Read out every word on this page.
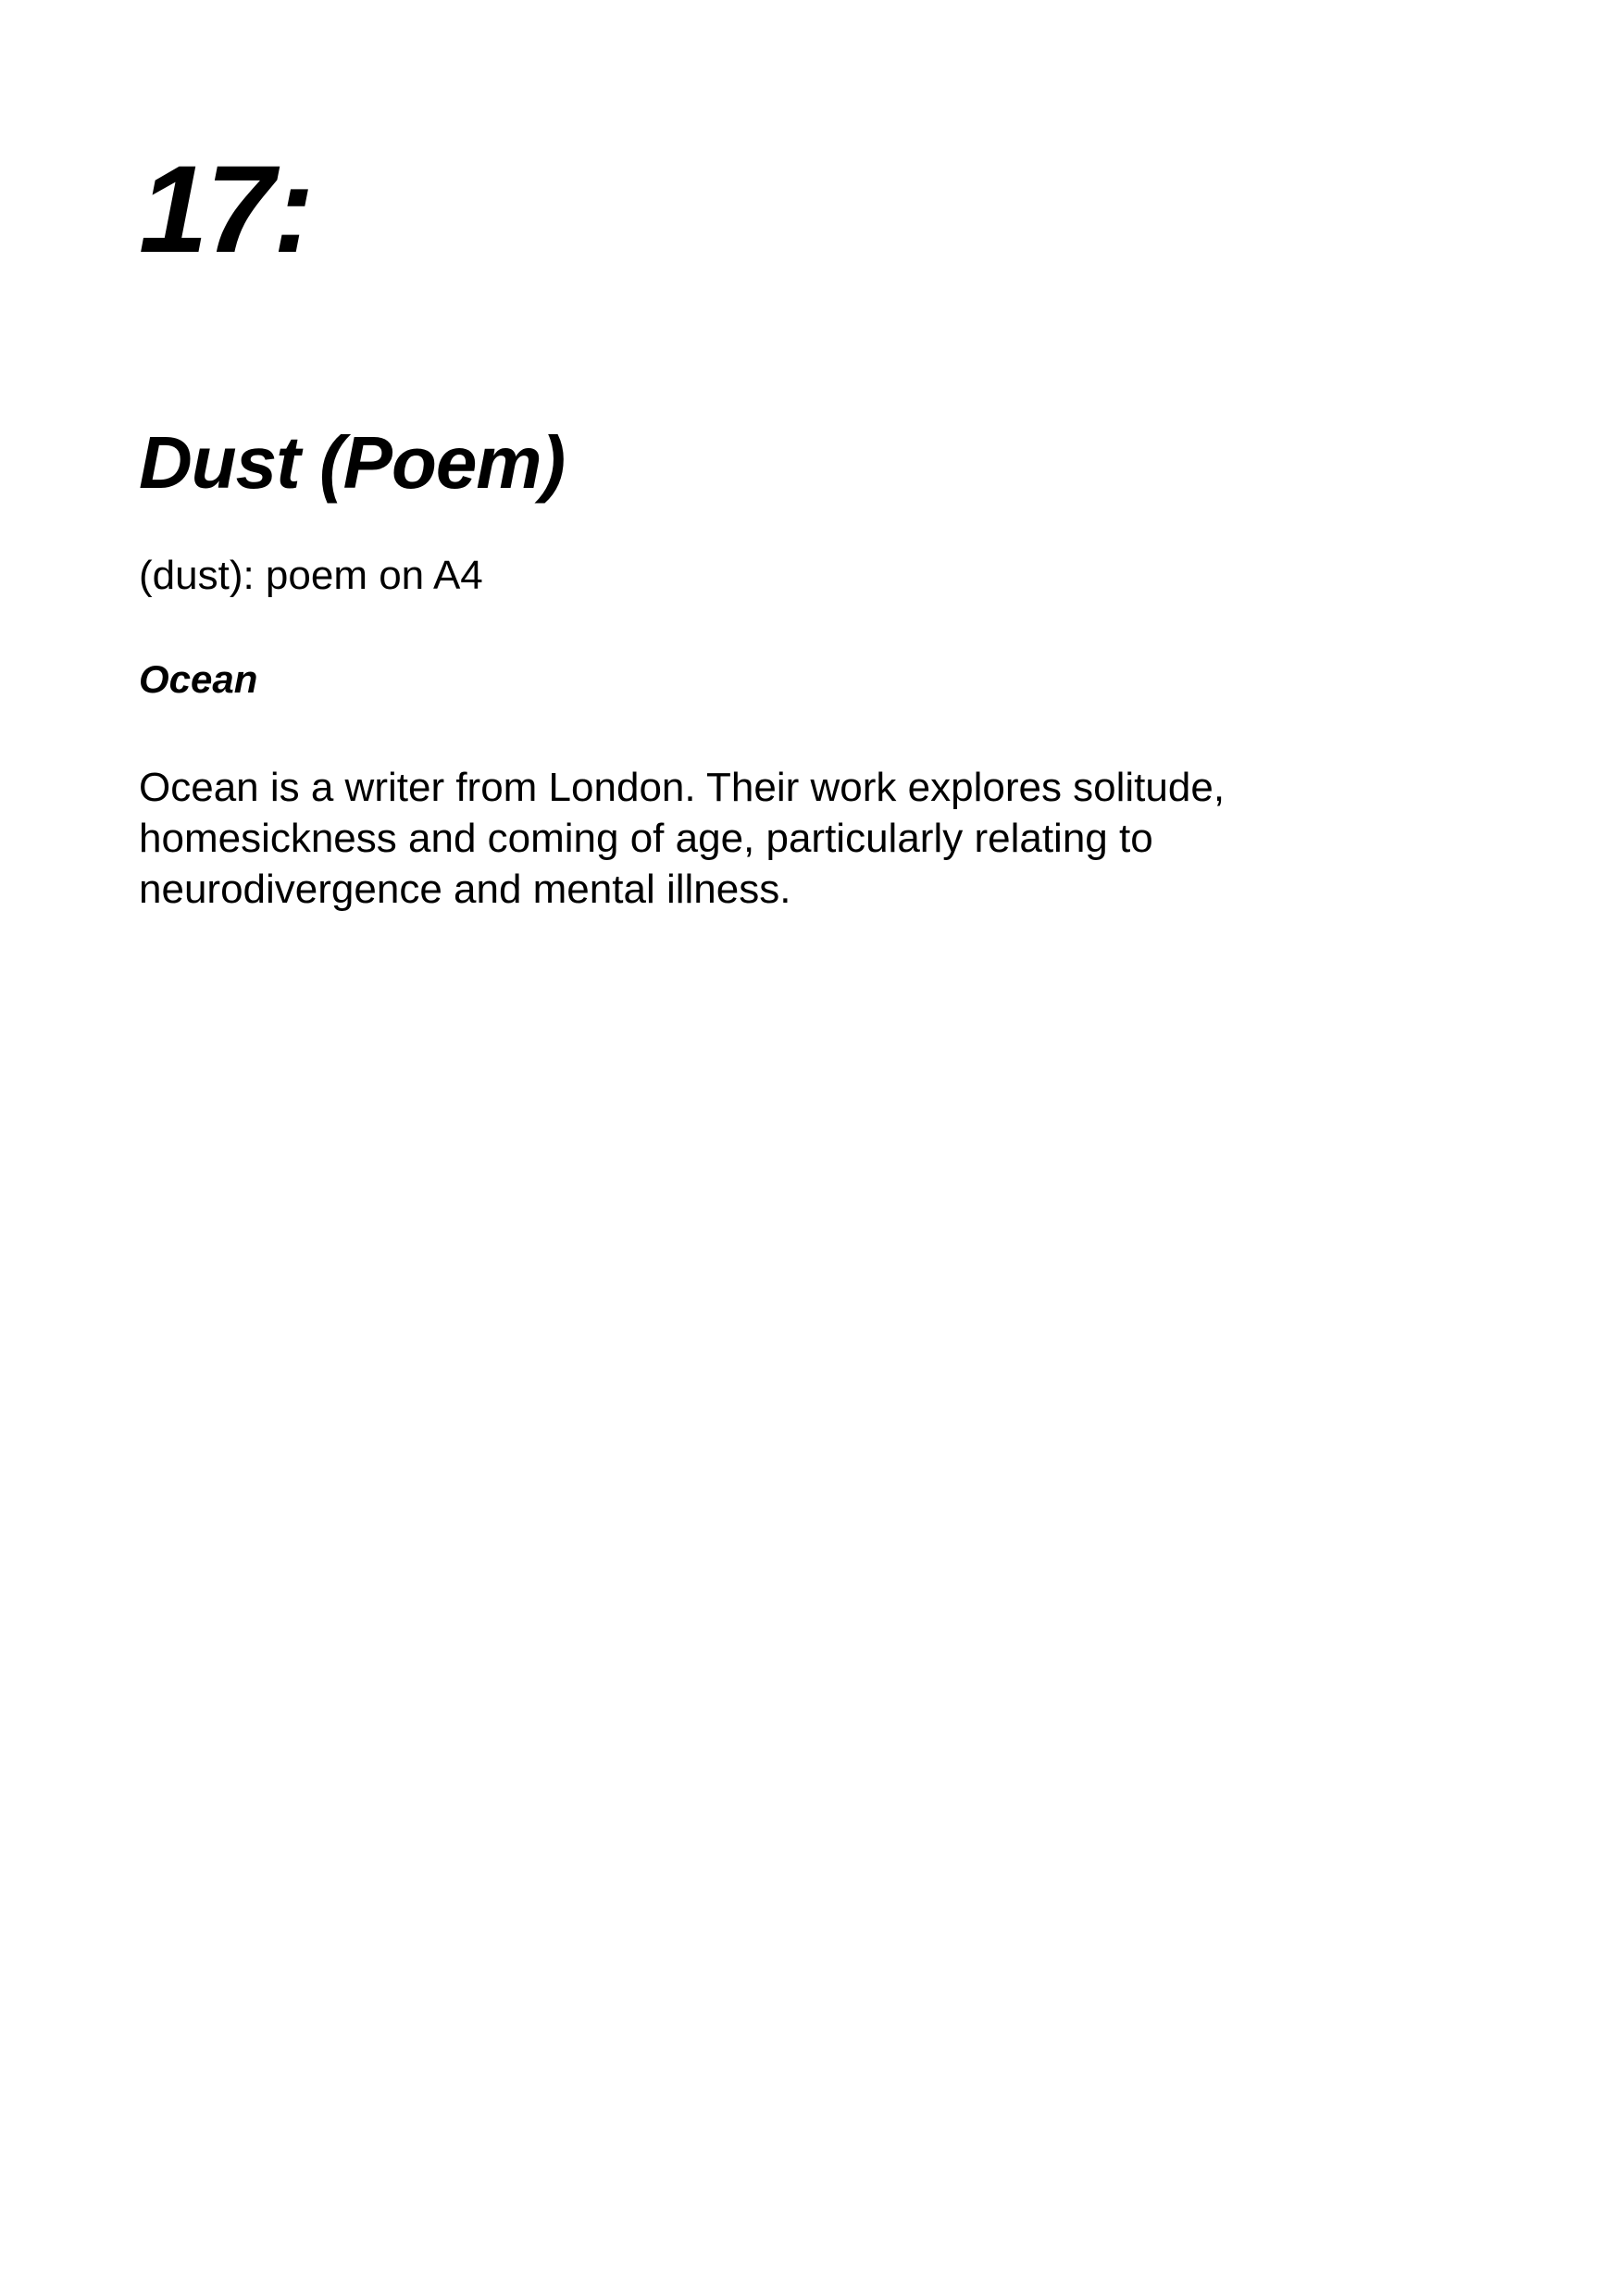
17:
Dust (Poem)

(dust): poem on A4

Ocean

Ocean is a writer from London. Their work explores solitude,
homesickness and coming of age, particularly relating to
neurodivergence and mental illness.
